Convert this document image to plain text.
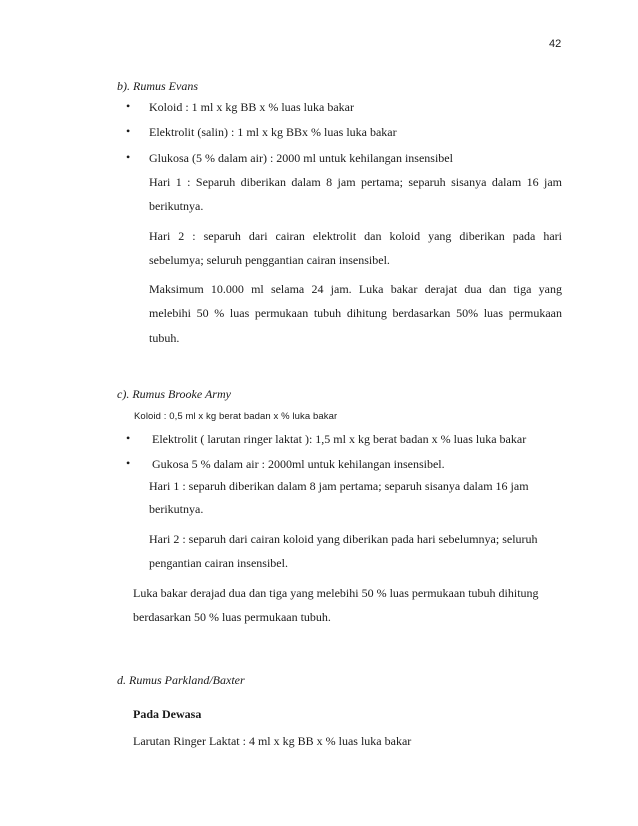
42
b). Rumus Evans
• Koloid : 1 ml x kg BB x % luas luka bakar
• Elektrolit (salin) : 1 ml x kg BBx % luas luka bakar
• Glukosa (5 % dalam air) : 2000 ml untuk kehilangan insensibel
Hari 1 : Separuh diberikan dalam 8 jam pertama; separuh sisanya dalam 16 jam
berikutnya.
Hari 2 : separuh dari cairan elektrolit dan koloid yang diberikan pada hari
sebelumya; seluruh penggantian cairan insensibel.
Maksimum 10.000 ml selama 24 jam. Luka bakar derajat dua dan tiga yang
melebihi 50 % luas permukaan tubuh dihitung berdasarkan 50% luas permukaan
tubuh.
c). Rumus Brooke Army
Koloid : 0,5 ml x kg berat badan x % luka bakar
• Elektrolit ( larutan ringer laktat ): 1,5 ml x kg berat badan x % luas luka bakar
• Gukosa 5 % dalam air : 2000ml untuk kehilangan insensibel.
Hari 1 : separuh diberikan dalam 8 jam pertama; separuh sisanya dalam 16 jam
berikutnya.
Hari 2 : separuh dari cairan koloid yang diberikan pada hari sebelumnya; seluruh
pengantian cairan insensibel.
Luka bakar derajad dua dan tiga yang melebihi 50 % luas permukaan tubuh dihitung
berdasarkan 50 % luas permukaan tubuh.
d. Rumus Parkland/Baxter
Pada Dewasa
Larutan Ringer Laktat : 4 ml x kg BB x % luas luka bakar
